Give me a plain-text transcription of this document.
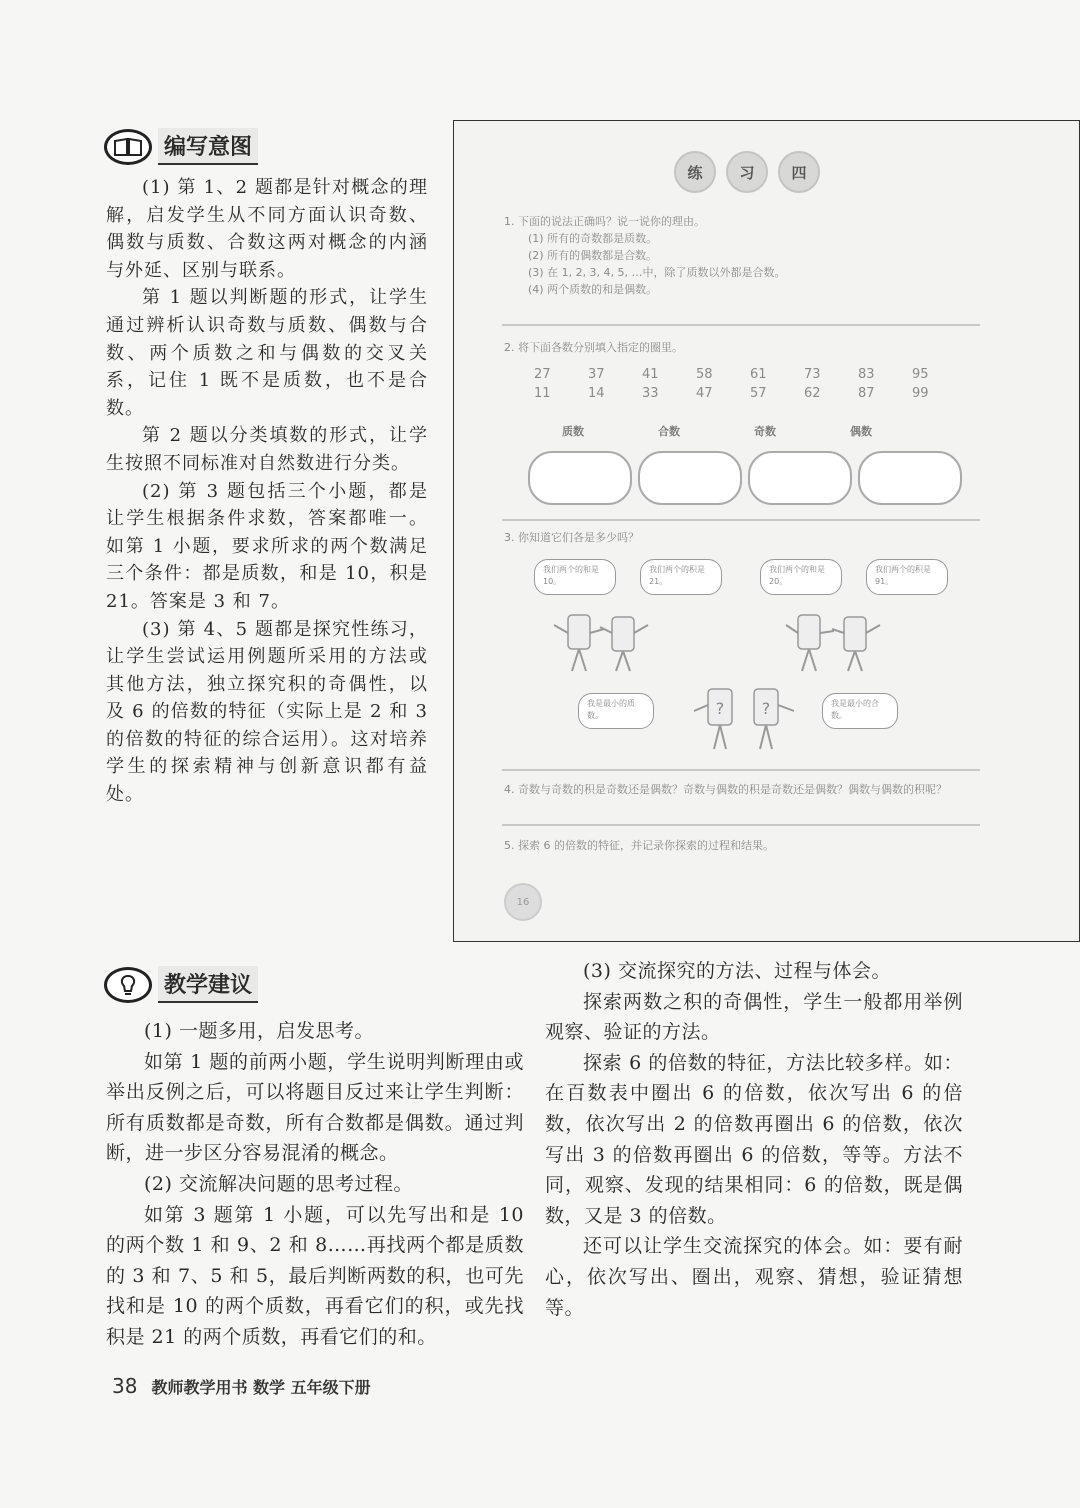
编写意图

(1) 第 1、2 题都是针对概念的理解，启发学生从不同方面认识奇数、偶数与质数、合数这两对概念的内涵与外延、区别与联系。

第 1 题以判断题的形式，让学生通过辨析认识奇数与质数、偶数与合数、两个质数之和与偶数的交叉关系，记住 1 既不是质数，也不是合数。

第 2 题以分类填数的形式，让学生按照不同标准对自然数进行分类。

(2) 第 3 题包括三个小题，都是让学生根据条件求数，答案都唯一。如第 1 小题，要求所求的两个数满足三个条件：都是质数，和是 10，积是 21。答案是 3 和 7。

(3) 第 4、5 题都是探究性练习，让学生尝试运用例题所采用的方法或其他方法，独立探究积的奇偶性，以及 6 的倍数的特征（实际上是 2 和 3 的倍数的特征的综合运用）。这对培养学生的探索精神与创新意识都有益处。

练	习	四
1. 下面的说法正确吗？说一说你的理由。
(1) 所有的奇数都是质数。
(2) 所有的偶数都是合数。
(3) 在 1, 2, 3, 4, 5, …中，除了质数以外都是合数。
(4) 两个质数的和是偶数。
2. 将下面各数分别填入指定的圈里。
27	37	41	58	61	73	83	95
11	14	33	47	57	62	87	99
质数	合数	奇数	偶数
3. 你知道它们各是多少吗？
我们两个的和是 10。
我们两个的积是 21。
我们两个的和是 20。
我们两个的积是 91。
我是最小的质数。
我是最小的合数。
? ?
4. 奇数与奇数的积是奇数还是偶数？奇数与偶数的积是奇数还是偶数？偶数与偶数的积呢？
5. 探索 6 的倍数的特征，并记录你探索的过程和结果。
16
教学建议

(1) 一题多用，启发思考。

如第 1 题的前两小题，学生说明判断理由或举出反例之后，可以将题目反过来让学生判断：所有质数都是奇数，所有合数都是偶数。通过判断，进一步区分容易混淆的概念。

(2) 交流解决问题的思考过程。

如第 3 题第 1 小题，可以先写出和是 10 的两个数 1 和 9、2 和 8……再找两个都是质数的 3 和 7、5 和 5，最后判断两数的积，也可先找和是 10 的两个质数，再看它们的积，或先找积是 21 的两个质数，再看它们的和。

(3) 交流探究的方法、过程与体会。

探索两数之积的奇偶性，学生一般都用举例观察、验证的方法。

探索 6 的倍数的特征，方法比较多样。如：在百数表中圈出 6 的倍数，依次写出 6 的倍数，依次写出 2 的倍数再圈出 6 的倍数，依次写出 3 的倍数再圈出 6 的倍数，等等。方法不同，观察、发现的结果相同：6 的倍数，既是偶数，又是 3 的倍数。

还可以让学生交流探究的体会。如：要有耐心，依次写出、圈出，观察、猜想，验证猜想等。

38 教师教学用书 数学 五年级下册
